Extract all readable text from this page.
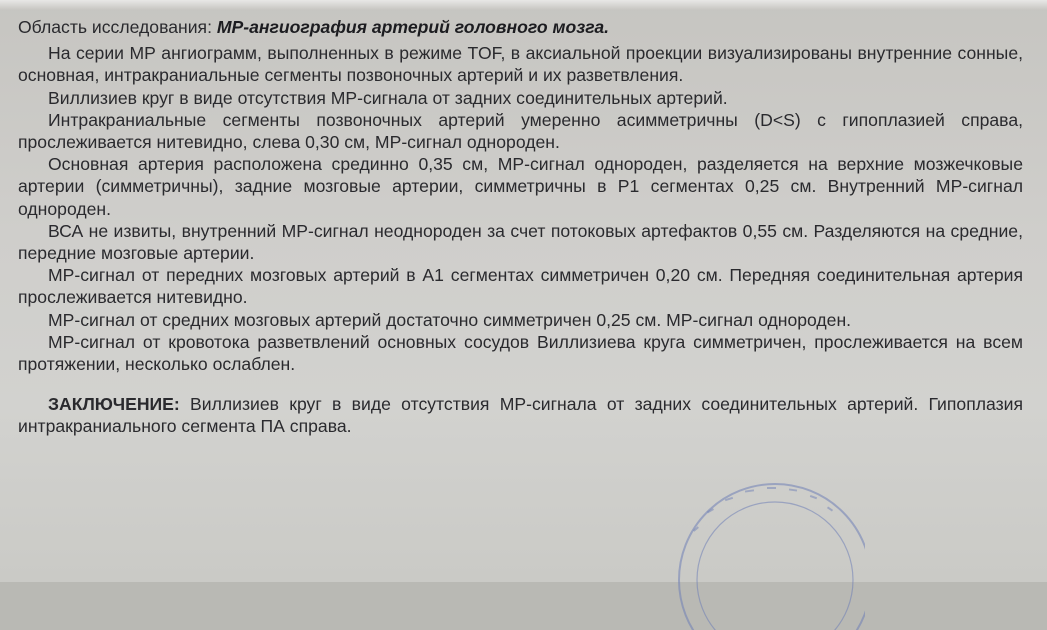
Область исследования: МР-ангиография артерий головного мозга.

На серии МР ангиограмм, выполненных в режиме TOF, в аксиальной проекции визуализированы внутренние сонные, основная, интракраниальные сегменты позвоночных артерий и их разветвления.

Виллизиев круг в виде отсутствия МР-сигнала от задних соединительных артерий.

Интракраниальные сегменты позвоночных артерий умеренно асимметричны (D<S) с гипоплазией справа, прослеживается нитевидно, слева 0,30 см, МР-сигнал однороден.

Основная артерия расположена срединно 0,35 см, МР-сигнал однороден, разделяется на верхние мозжечковые артерии (симметричны), задние мозговые артерии, симметричны в Р1 сегментах 0,25 см. Внутренний МР-сигнал однороден.

ВСА не извиты, внутренний МР-сигнал неоднороден за счет потоковых артефактов 0,55 см. Разделяются на средние, передние мозговые артерии.

МР-сигнал от передних мозговых артерий в А1 сегментах симметричен 0,20 см. Передняя соединительная артерия прослеживается нитевидно.

МР-сигнал от средних мозговых артерий достаточно симметричен 0,25 см. МР-сигнал однороден.

МР-сигнал от кровотока разветвлений основных сосудов Виллизиева круга симметричен, прослеживается на всем протяжении, несколько ослаблен.

ЗАКЛЮЧЕНИЕ: Виллизиев круг в виде отсутствия МР-сигнала от задних соединительных артерий. Гипоплазия интракраниального сегмента ПА справа.
